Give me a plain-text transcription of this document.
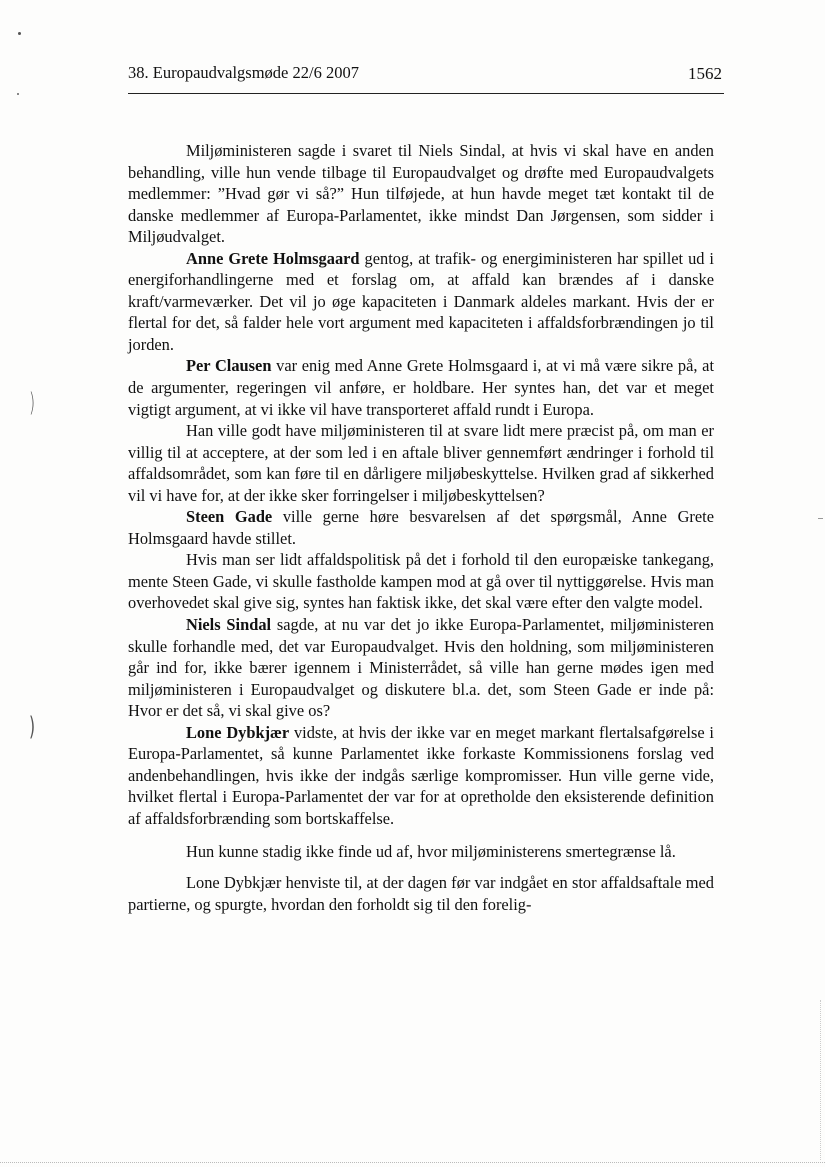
)
)
38. Europaudvalgsmøde 22/6 2007	1562

Miljøministeren sagde i svaret til Niels Sindal, at hvis vi skal have en anden behandling, ville hun vende tilbage til Europaudvalget og drøfte med Europaudvalgets medlemmer: ”Hvad gør vi så?” Hun tilføjede, at hun havde meget tæt kontakt til de danske medlemmer af Europa-Parlamentet, ikke mindst Dan Jørgensen, som sidder i Miljøudvalget.

Anne Grete Holmsgaard gentog, at trafik- og energiministeren har spillet ud i energiforhandlingerne med et forslag om, at affald kan brændes af i danske kraft/varmeværker. Det vil jo øge kapaciteten i Danmark aldeles markant. Hvis der er flertal for det, så falder hele vort argument med kapaciteten i affaldsforbrændingen jo til jorden.

Per Clausen var enig med Anne Grete Holmsgaard i, at vi må være sikre på, at de argumenter, regeringen vil anføre, er holdbare. Her syntes han, det var et meget vigtigt argument, at vi ikke vil have transporteret affald rundt i Europa.

Han ville godt have miljøministeren til at svare lidt mere præcist på, om man er villig til at acceptere, at der som led i en aftale bliver gennemført ændringer i forhold til affaldsområdet, som kan føre til en dårligere miljøbeskyttelse. Hvilken grad af sikkerhed vil vi have for, at der ikke sker forringelser i miljøbeskyttelsen?

Steen Gade ville gerne høre besvarelsen af det spørgsmål, Anne Grete Holmsgaard havde stillet.

Hvis man ser lidt affaldspolitisk på det i forhold til den europæiske tankegang, mente Steen Gade, vi skulle fastholde kampen mod at gå over til nyttiggørelse. Hvis man overhovedet skal give sig, syntes han faktisk ikke, det skal være efter den valgte model.

Niels Sindal sagde, at nu var det jo ikke Europa-Parlamentet, miljøministeren skulle forhandle med, det var Europaudvalget. Hvis den holdning, som miljøministeren går ind for, ikke bærer igennem i Ministerrådet, så ville han gerne mødes igen med miljøministeren i Europaudvalget og diskutere bl.a. det, som Steen Gade er inde på: Hvor er det så, vi skal give os?

Lone Dybkjær vidste, at hvis der ikke var en meget markant flertalsafgørelse i Europa-Parlamentet, så kunne Parlamentet ikke forkaste Kommissionens forslag ved andenbehandlingen, hvis ikke der indgås særlige kompromisser. Hun ville gerne vide, hvilket flertal i Europa-Parlamentet der var for at opretholde den eksisterende definition af affaldsforbrænding som bortskaffelse.

Hun kunne stadig ikke finde ud af, hvor miljøministerens smertegrænse lå.

Lone Dybkjær henviste til, at der dagen før var indgået en stor affaldsaftale med partierne, og spurgte, hvordan den forholdt sig til den forelig-
